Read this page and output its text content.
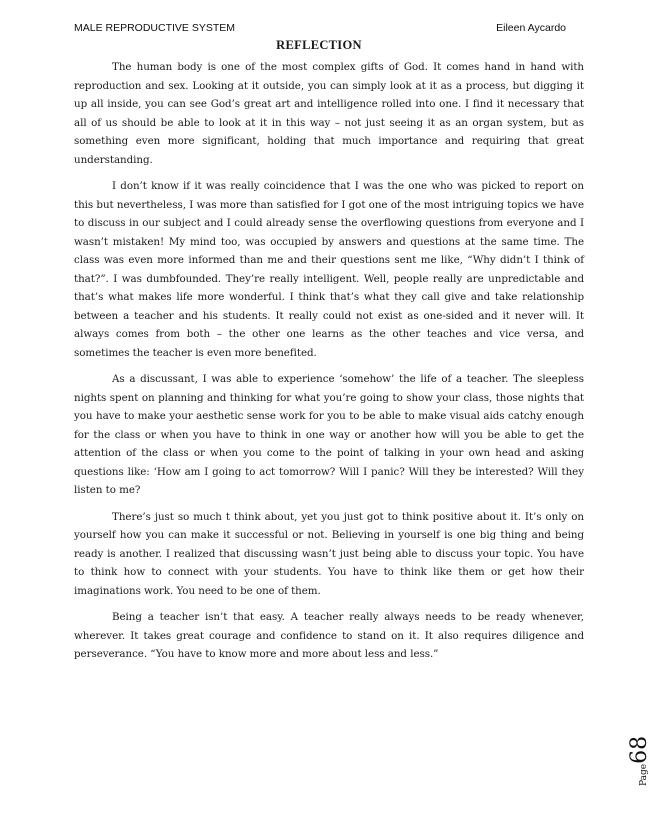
MALE REPRODUCTIVE SYSTEM	Eileen Aycardo
REFLECTION

The human body is one of the most complex gifts of God. It comes hand in hand with reproduction and sex. Looking at it outside, you can simply look at it as a process, but digging it up all inside, you can see God’s great art and intelligence rolled into one. I find it necessary that all of us should be able to look at it in this way – not just seeing it as an organ system, but as something even more significant, holding that much importance and requiring that great understanding.

I don’t know if it was really coincidence that I was the one who was picked to report on this but nevertheless, I was more than satisfied for I got one of the most intriguing topics we have to discuss in our subject and I could already sense the overflowing questions from everyone and I wasn’t mistaken! My mind too, was occupied by answers and questions at the same time. The class was even more informed than me and their questions sent me like, “Why didn’t I think of that?”. I was dumbfounded. They’re really intelligent. Well, people really are unpredictable and that’s what makes life more wonderful. I think that’s what they call give and take relationship between a teacher and his students. It really could not exist as one-sided and it never will. It always comes from both – the other one learns as the other teaches and vice versa, and sometimes the teacher is even more benefited.

As a discussant, I was able to experience ‘somehow’ the life of a teacher. The sleepless nights spent on planning and thinking for what you’re going to show your class, those nights that you have to make your aesthetic sense work for you to be able to make visual aids catchy enough for the class or when you have to think in one way or another how will you be able to get the attention of the class or when you come to the point of talking in your own head and asking questions like: ‘How am I going to act tomorrow? Will I panic? Will they be interested? Will they listen to me?

There’s just so much t think about, yet you just got to think positive about it. It’s only on yourself how you can make it successful or not. Believing in yourself is one big thing and being ready is another. I realized that discussing wasn’t just being able to discuss your topic. You have to think how to connect with your students. You have to think like them or get how their imaginations work. You need to be one of them.

Being a teacher isn’t that easy. A teacher really always needs to be ready whenever, wherever. It takes great courage and confidence to stand on it. It also requires diligence and perseverance. “You have to know more and more about less and less.”

Page68
